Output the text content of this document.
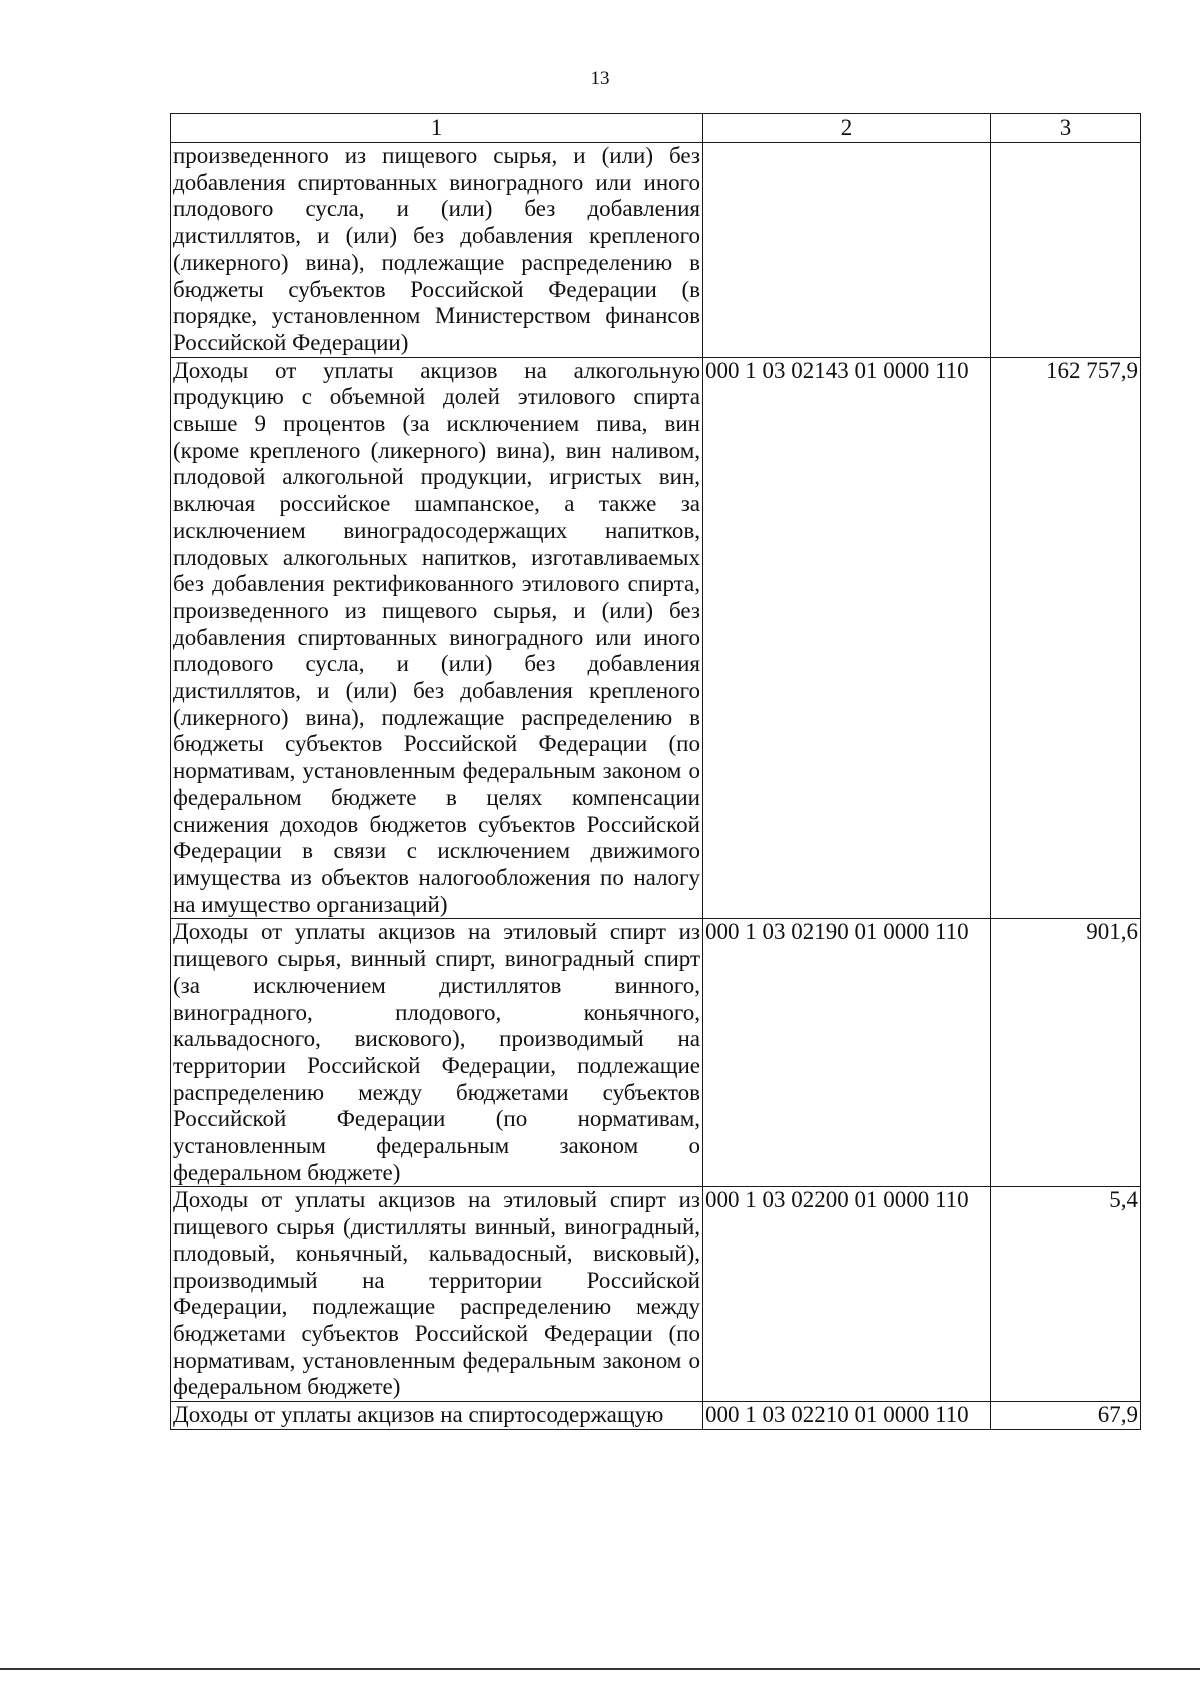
13
1	2	3
произведенного из пищевого сырья, и (или) без добавления спиртованных виноградного или иного плодового сусла, и (или) без добавления дистиллятов, и (или) без добавления крепленого (ликерного) вина), подлежащие распределению в бюджеты субъектов Российской Федерации (в порядке, установленном Министерством финансов Российской Федерации)		
Доходы от уплаты акцизов на алкогольную продукцию с объемной долей этилового спирта свыше 9 процентов (за исключением пива, вин (кроме крепленого (ликерного) вина), вин наливом, плодовой алкогольной продукции, игристых вин, включая российское шампанское, а также за исключением виноградосодержащих напитков, плодовых алкогольных напитков, изготавливаемых без добавления ректификованного этилового спирта, произведенного из пищевого сырья, и (или) без добавления спиртованных виноградного или иного плодового сусла, и (или) без добавления дистиллятов, и (или) без добавления крепленого (ликерного) вина), подлежащие распределению в бюджеты субъектов Российской Федерации (по нормативам, установленным федеральным законом о федеральном бюджете в целях компенсации снижения доходов бюджетов субъектов Российской Федерации в связи с исключением движимого имущества из объектов налогообложения по налогу на имущество организаций)	000 1 03 02143 01 0000 110	162 757,9
Доходы от уплаты акцизов на этиловый спирт из пищевого сырья, винный спирт, виноградный спирт (за исключением дистиллятов винного, виноградного, плодового, коньячного, кальвадосного, вискового), производимый на территории Российской Федерации, подлежащие распределению между бюджетами субъектов Российской Федерации (по нормативам, установленным федеральным законом о федеральном бюджете)	000 1 03 02190 01 0000 110	901,6
Доходы от уплаты акцизов на этиловый спирт из пищевого сырья (дистилляты винный, виноградный, плодовый, коньячный, кальвадосный, висковый), производимый на территории Российской Федерации, подлежащие распределению между бюджетами субъектов Российской Федерации (по нормативам, установленным федеральным законом о федеральном бюджете)	000 1 03 02200 01 0000 110	5,4
Доходы от уплаты акцизов на спиртосодержащую	000 1 03 02210 01 0000 110	67,9
